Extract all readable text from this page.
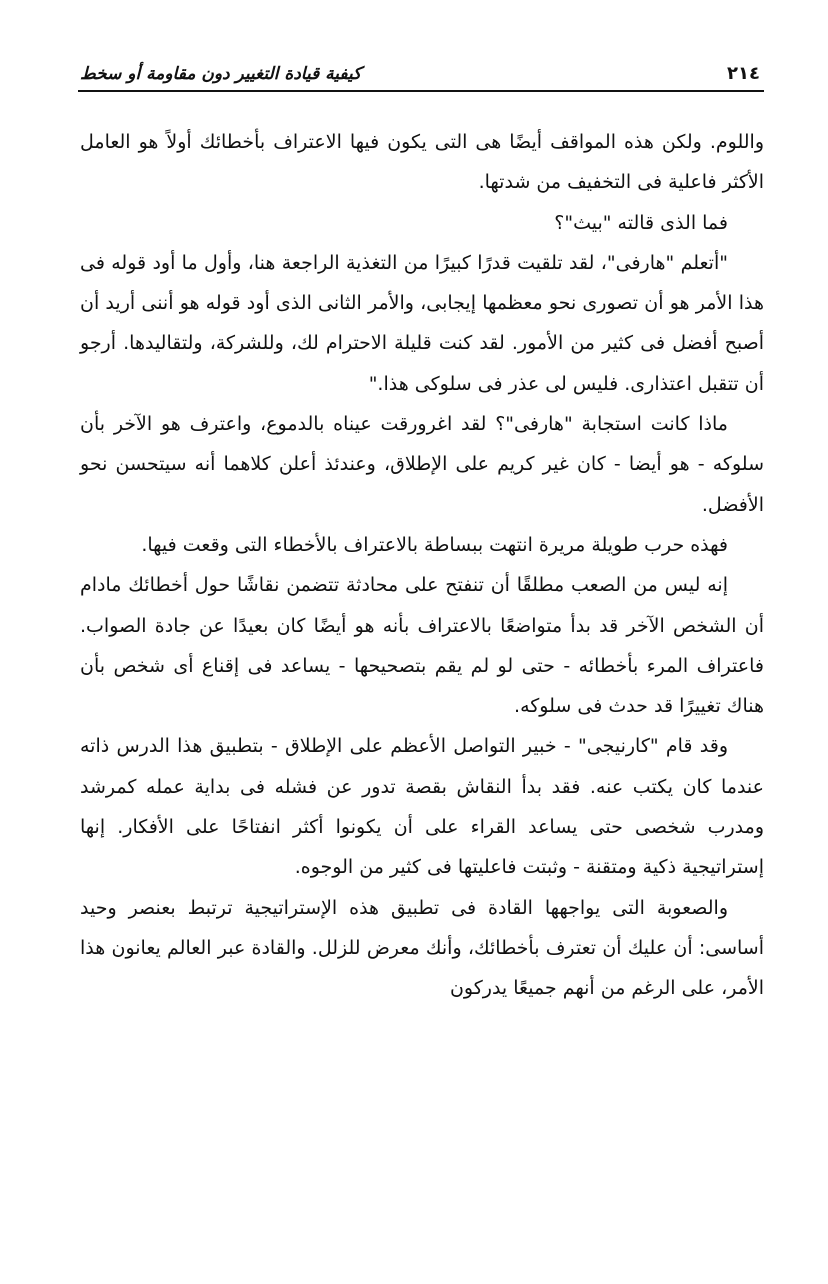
٢١٤
كيفية قيادة التغيير دون مقاومة أو سخط

واللوم. ولكن هذه المواقف أيضًا هى التى يكون فيها الاعتراف بأخطائك أولاً هو العامل الأكثر فاعلية فى التخفيف من شدتها.

فما الذى قالته "بيث"؟

"أتعلم "هارفى"، لقد تلقيت قدرًا كبيرًا من التغذية الراجعة هنا، وأول ما أود قوله فى هذا الأمر هو أن تصورى نحو معظمها إيجابى، والأمر الثانى الذى أود قوله هو أننى أريد أن أصبح أفضل فى كثير من الأمور. لقد كنت قليلة الاحترام لك، وللشركة، ولتقاليدها. أرجو أن تتقبل اعتذارى. فليس لى عذر فى سلوكى هذا."

ماذا كانت استجابة "هارفى"؟ لقد اغرورقت عيناه بالدموع، واعترف هو الآخر بأن سلوكه - هو أيضا - كان غير كريم على الإطلاق، وعندئذ أعلن كلاهما أنه سيتحسن نحو الأفضل.

فهذه حرب طويلة مريرة انتهت ببساطة بالاعتراف بالأخطاء التى وقعت فيها.

إنه ليس من الصعب مطلقًا أن تنفتح على محادثة تتضمن نقاشًا حول أخطائك مادام أن الشخص الآخر قد بدأ متواضعًا بالاعتراف بأنه هو أيضًا كان بعيدًا عن جادة الصواب. فاعتراف المرء بأخطائه - حتى لو لم يقم بتصحيحها - يساعد فى إقناع أى شخص بأن هناك تغييرًا قد حدث فى سلوكه.

وقد قام "كارنيجى" - خبير التواصل الأعظم على الإطلاق - بتطبيق هذا الدرس ذاته عندما كان يكتب عنه. فقد بدأ النقاش بقصة تدور عن فشله فى بداية عمله كمرشد ومدرب شخصى حتى يساعد القراء على أن يكونوا أكثر انفتاحًا على الأفكار. إنها إستراتيجية ذكية ومتقنة - وثبتت فاعليتها فى كثير من الوجوه.

والصعوبة التى يواجهها القادة فى تطبيق هذه الإستراتيجية ترتبط بعنصر وحيد أساسى: أن عليك أن تعترف بأخطائك، وأنك معرض للزلل. والقادة عبر العالم يعانون هذا الأمر، على الرغم من أنهم جميعًا يدركون
